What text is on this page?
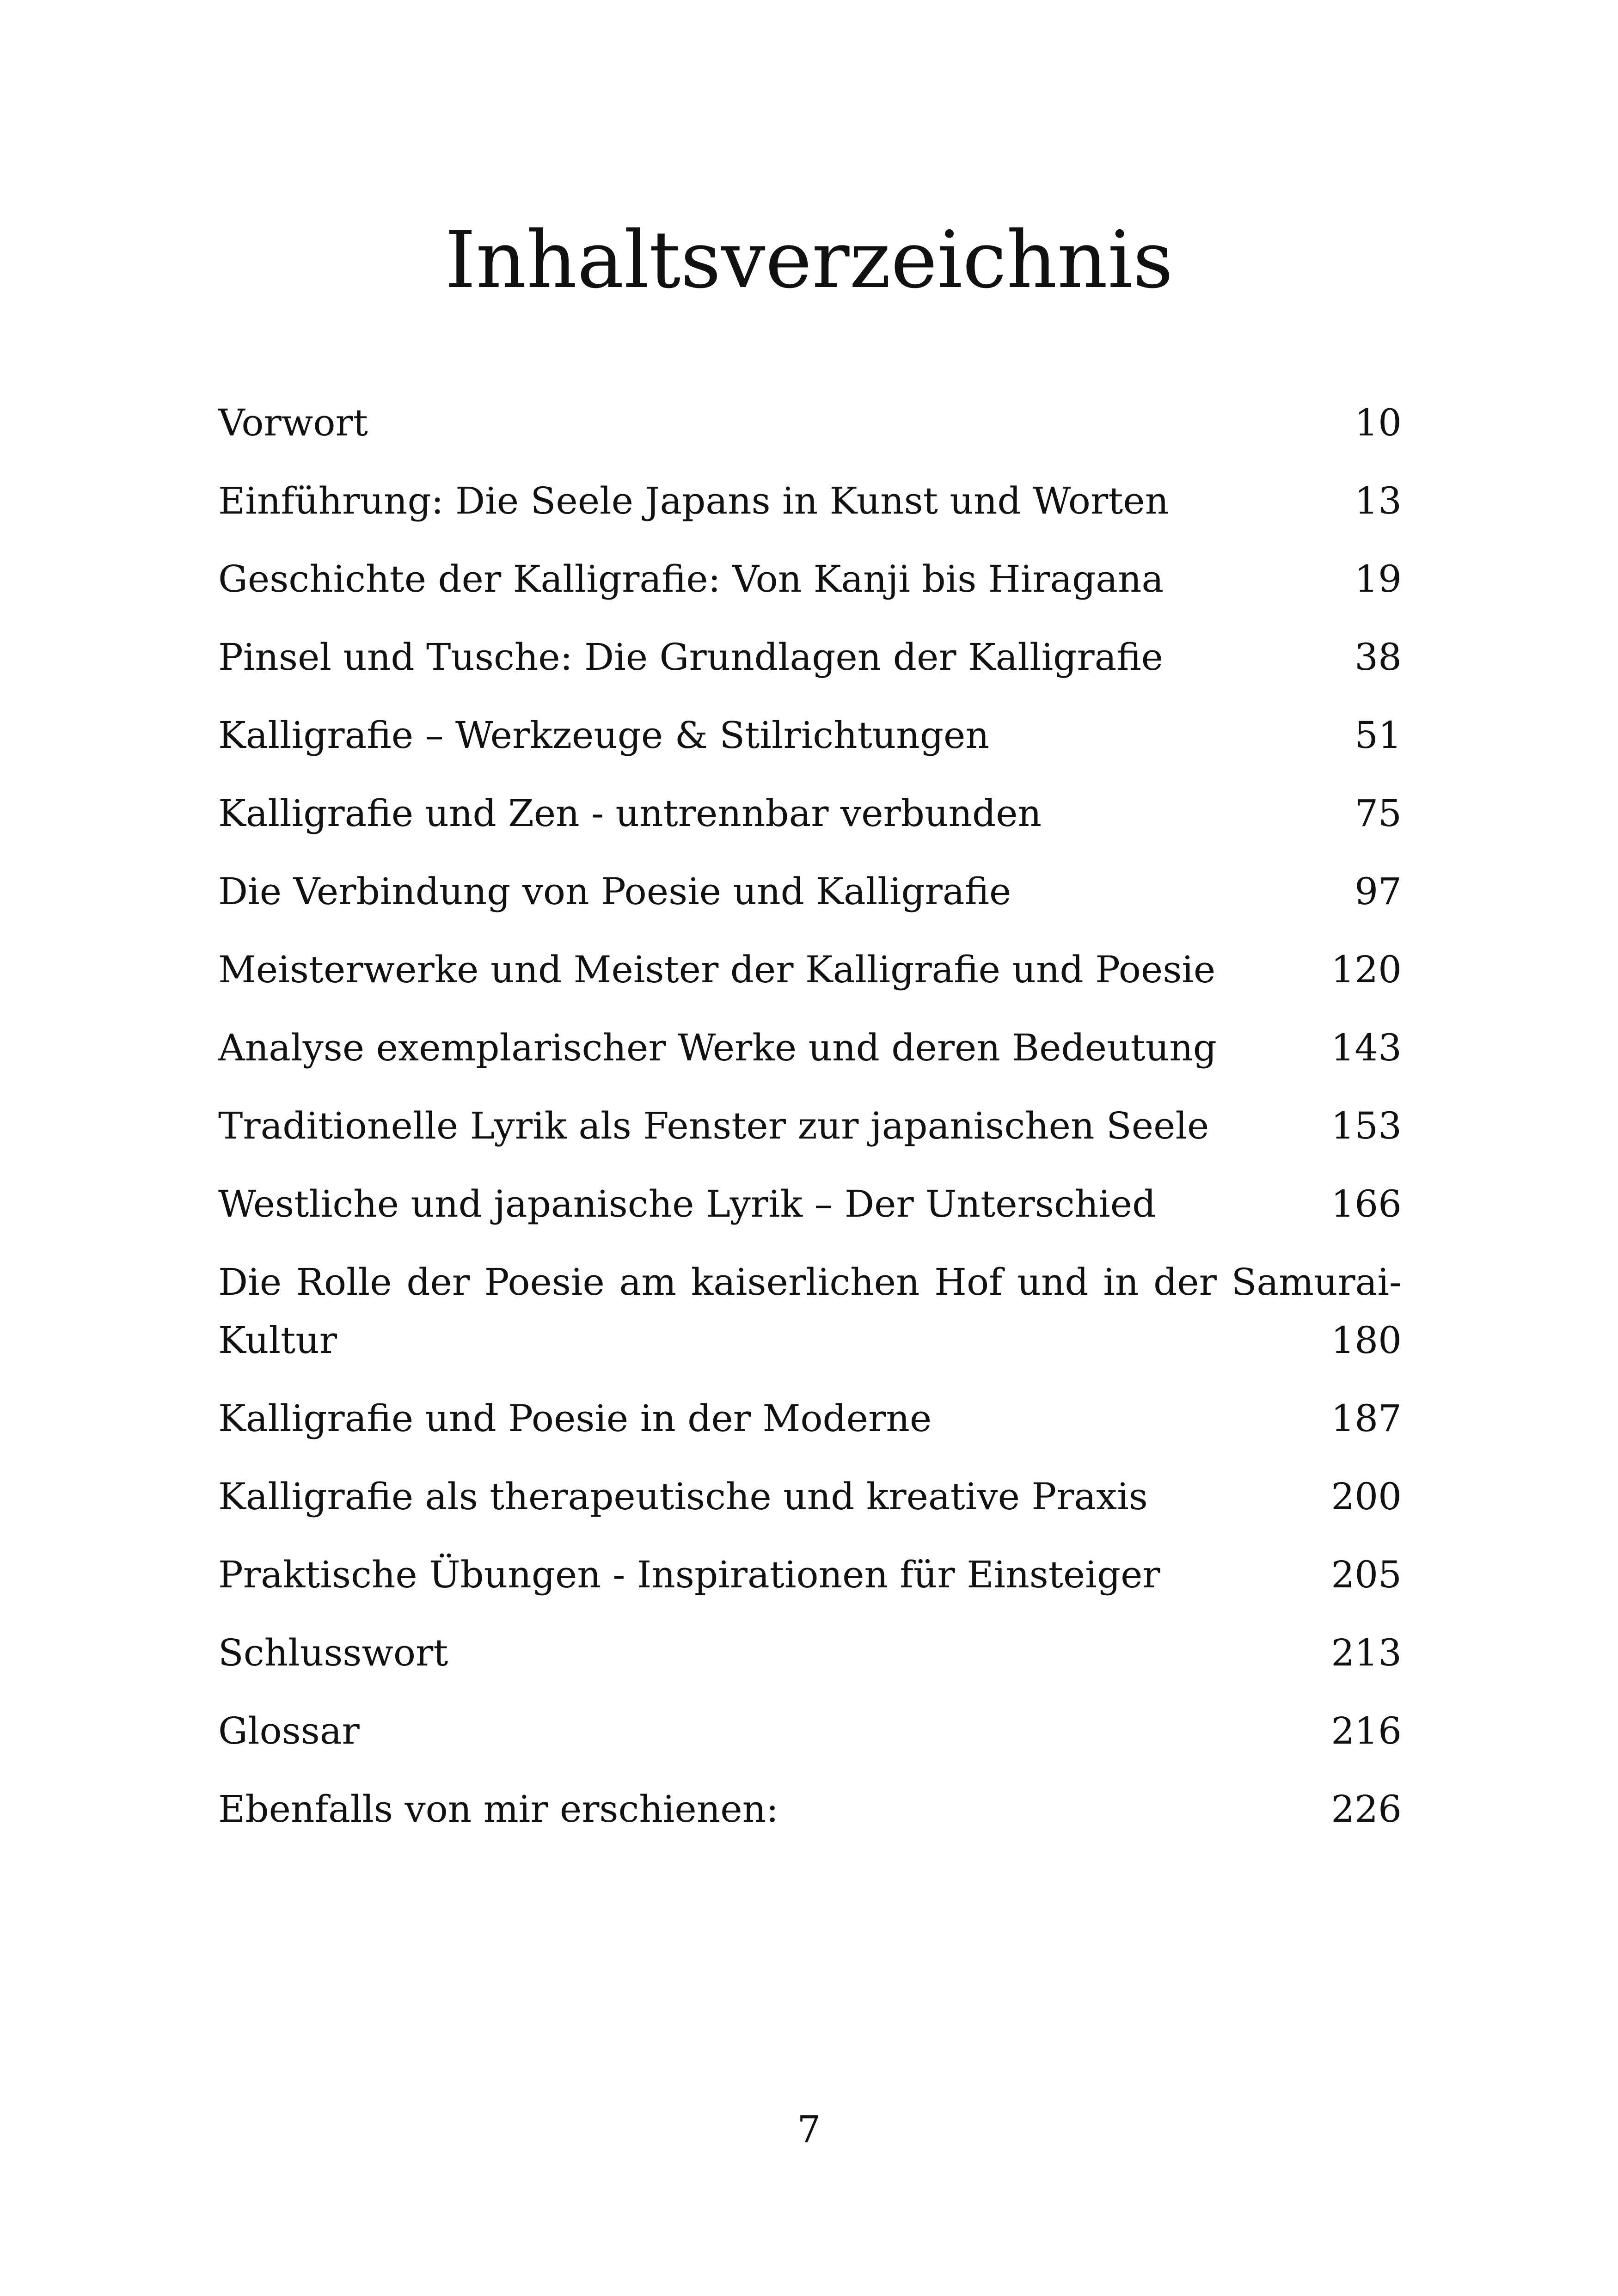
Inhaltsverzeichnis
Vorwort	10
Einführung: Die Seele Japans in Kunst und Worten	13
Geschichte der Kalligrafie: Von Kanji bis Hiragana	19
Pinsel und Tusche: Die Grundlagen der Kalligrafie	38
Kalligrafie – Werkzeuge & Stilrichtungen	51
Kalligrafie und Zen - untrennbar verbunden	75
Die Verbindung von Poesie und Kalligrafie	97
Meisterwerke und Meister der Kalligrafie und Poesie	120
Analyse exemplarischer Werke und deren Bedeutung	143
Traditionelle Lyrik als Fenster zur japanischen Seele	153
Westliche und japanische Lyrik – Der Unterschied	166
Die Rolle der Poesie am kaiserlichen Hof und in der Samurai-Kultur	180
Kalligrafie und Poesie in der Moderne	187
Kalligrafie als therapeutische und kreative Praxis	200
Praktische Übungen - Inspirationen für Einsteiger	205
Schlusswort	213
Glossar	216
Ebenfalls von mir erschienen:	226
7
